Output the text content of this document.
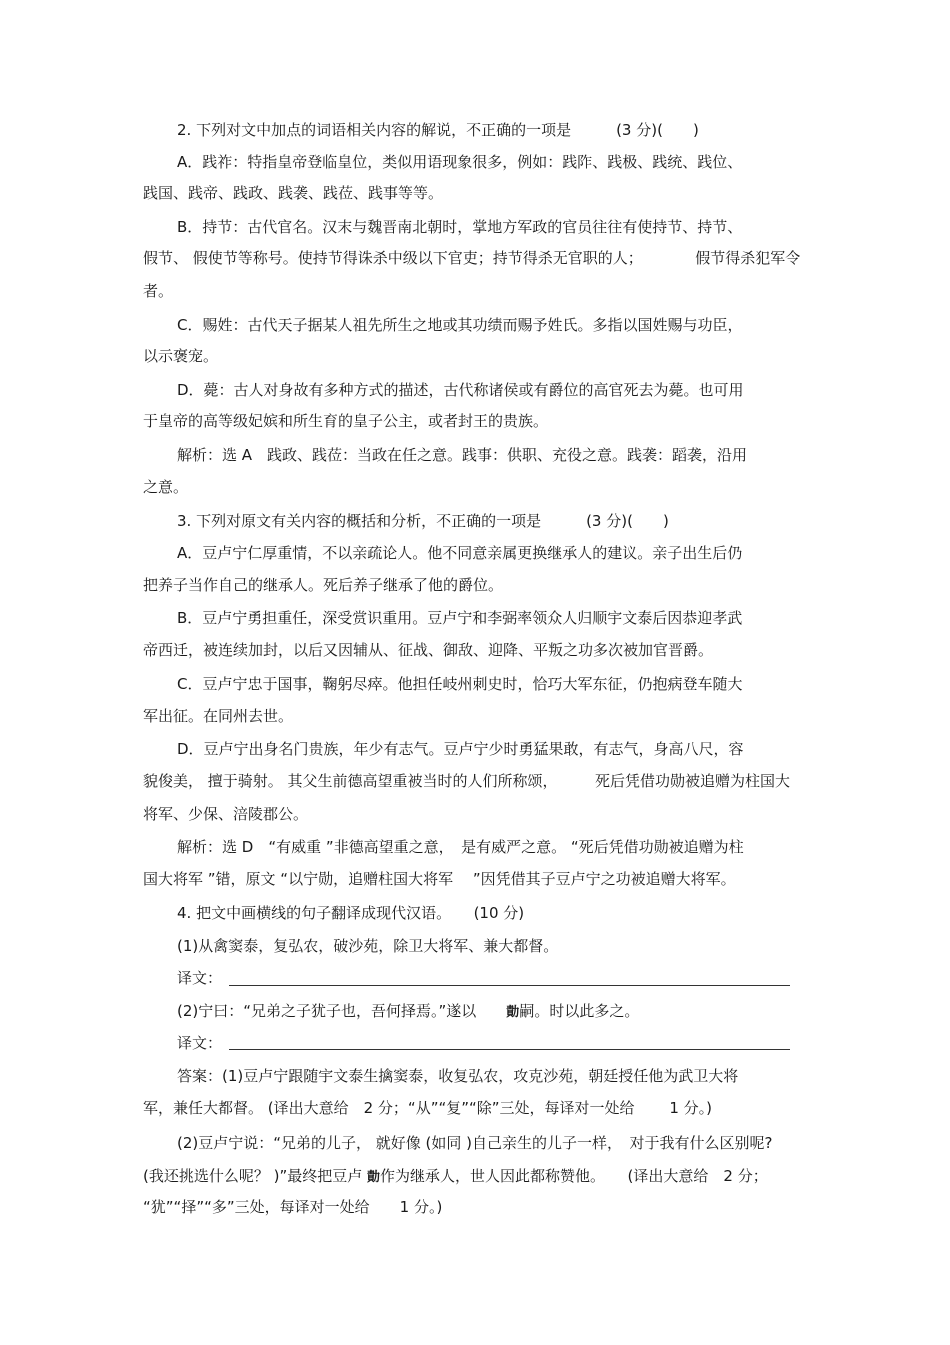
2. 下列对文中加点的词语相关内容的解说，不正确的一项是　　　(3 分)(　　)
A．践祚：特指皇帝登临皇位，类似用语现象很多，例如：践阼、践极、践统、践位、
践国、践帝、践政、践袭、践莅、践事等等。
B．持节：古代官名。汉末与魏晋南北朝时，掌地方军政的官员往往有使持节、持节、
假节、 假使节等称号。使持节得诛杀中级以下官吏；持节得杀无官职的人；　　　　假节得杀犯军令
者。
C．赐姓：古代天子据某人祖先所生之地或其功绩而赐予姓氏。多指以国姓赐与功臣，
以示褒宠。
D．薨：古人对身故有多种方式的描述，古代称诸侯或有爵位的高官死去为薨。也可用
于皇帝的高等级妃嫔和所生育的皇子公主，或者封王的贵族。
解析：选 A　践政、践莅：当政在任之意。践事：供职、充役之意。践袭：蹈袭，沿用
之意。
3. 下列对原文有关内容的概括和分析，不正确的一项是　　　(3 分)(　　)
A．豆卢宁仁厚重情，不以亲疏论人。他不同意亲属更换继承人的建议。亲子出生后仍
把养子当作自己的继承人。死后养子继承了他的爵位。
B．豆卢宁勇担重任，深受赏识重用。豆卢宁和李弼率领众人归顺宇文泰后因恭迎孝武
帝西迁，被连续加封，以后又因辅从、征战、御敌、迎降、平叛之功多次被加官晋爵。
C．豆卢宁忠于国事，鞠躬尽瘁。他担任岐州刺史时，恰巧大军东征，仍抱病登车随大
军出征。在同州去世。
D．豆卢宁出身名门贵族，年少有志气。豆卢宁少时勇猛果敢，有志气，身高八尺，容
貌俊美， 擅于骑射。 其父生前德高望重被当时的人们所称颂，　　　死后凭借功勋被追赠为柱国大
将军、少保、涪陵郡公。
解析：选 D　“有威重 ”非德高望重之意，　是有威严之意。 “死后凭借功勋被追赠为柱
国大将军 ”错，原文 “以宁勋，追赠柱国大将军　 ”因凭借其子豆卢宁之功被追赠大将军。
4. 把文中画横线的句子翻译成现代汉语。　　(10 分)
(1)从禽窦泰，复弘农，破沙苑，除卫大将军、兼大都督。
译文：
(2)宁曰：“兄弟之子犹子也，吾何择焉。”遂以　　勣嗣。时以此多之。
译文：
答案：(1)豆卢宁跟随宇文泰生擒窦泰，收复弘农，攻克沙苑，朝廷授任他为武卫大将
军，兼任大都督。 (译出大意给　2 分；“从”“复”“除”三处，每译对一处给　　 1 分。)
(2)豆卢宁说：“兄弟的儿子， 就好像 (如同 )自己亲生的儿子一样，　对于我有什么区别呢?
(我还挑选什么呢？ )”最终把豆卢 勣作为继承人，世人因此都称赞他。　　(译出大意给　2 分；
“犹”“择”“多”三处，每译对一处给　　1 分。)
